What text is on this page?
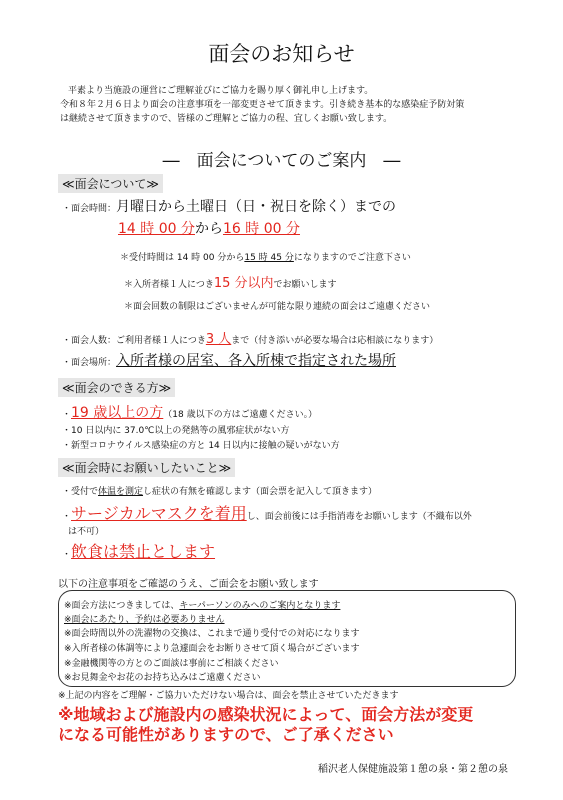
面会のお知らせ
平素より当施設の運営にご理解並びにご協力を賜り厚く御礼申し上げます。
令和８年２月６日より面会の注意事項を一部変更させて頂きます。引き続き基本的な感染症予防対策
は継続させて頂きますので、皆様のご理解とご協力の程、宜しくお願い致します。
―　面会についてのご案内　―
≪面会について≫
・面会時間：月曜日から土曜日（日・祝日を除く）までの
14 時 00 分から16 時 00 分
＊受付時間は 14 時 00 分から15 時 45 分になりますのでご注意下さい
＊入所者様１人につき15 分以内でお願いします
＊面会回数の制限はございませんが可能な限り連続の面会はご遠慮ください
・面会人数：ご利用者様１人につき3 人まで（付き添いが必要な場合は応相談になります）
・面会場所：入所者様の居室、各入所棟で指定された場所
≪面会のできる方≫
・19 歳以上の方（18 歳以下の方はご遠慮ください。）
・10 日以内に 37.0℃以上の発熱等の風邪症状がない方
・新型コロナウイルス感染症の方と 14 日以内に接触の疑いがない方
≪面会時にお願いしたいこと≫
・受付で体温を測定し症状の有無を確認します（面会票を記入して頂きます）
・サージカルマスクを着用し、面会前後には手指消毒をお願いします（不織布以外
は不可）
・飲食は禁止とします
以下の注意事項をご確認のうえ、ご面会をお願い致します
※面会方法につきましては、キーパーソンのみへのご案内となります
※面会にあたり、予約は必要ありません
※面会時間以外の洗濯物の交換は、これまで通り受付での対応になります
※入所者様の体調等により急遽面会をお断りさせて頂く場合がございます
※金融機関等の方とのご面談は事前にご相談ください
※お見舞金やお花のお持ち込みはご遠慮ください
※上記の内容をご理解・ご協力いただけない場合は、面会を禁止させていただきます
※地域および施設内の感染状況によって、面会方法が変更
になる可能性がありますので、ご了承ください
稲沢老人保健施設第１憩の泉・第２憩の泉
